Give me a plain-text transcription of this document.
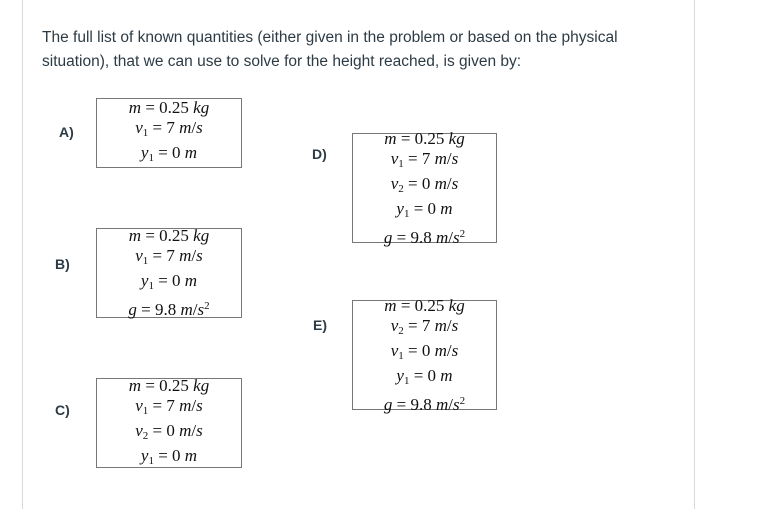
The full list of known quantities (either given in the problem or based on the physical situation), that we can use to solve for the height reached, is given by:

A)
m = 0.25 kg
$v_1 = 7$ m/s
$y_1 = 0$ m
B)
m = 0.25 kg
$v_1 = 7$ m/s
$y_1 = 0$ m
g = 9.8 $m/s^2$
C)
m = 0.25 kg
$v_1 = 7$ m/s
$v_2 = 0$ m/s
$y_1 = 0$ m
D)
m = 0.25 kg
$v_1 = 7$ m/s
$v_2 = 0$ m/s
$y_1 = 0$ m
g = 9.8 $m/s^2$
E)
m = 0.25 kg
$v_2 = 7$ m/s
$v_1 = 0$ m/s
$y_1 = 0$ m
g = 9.8 $m/s^2$
